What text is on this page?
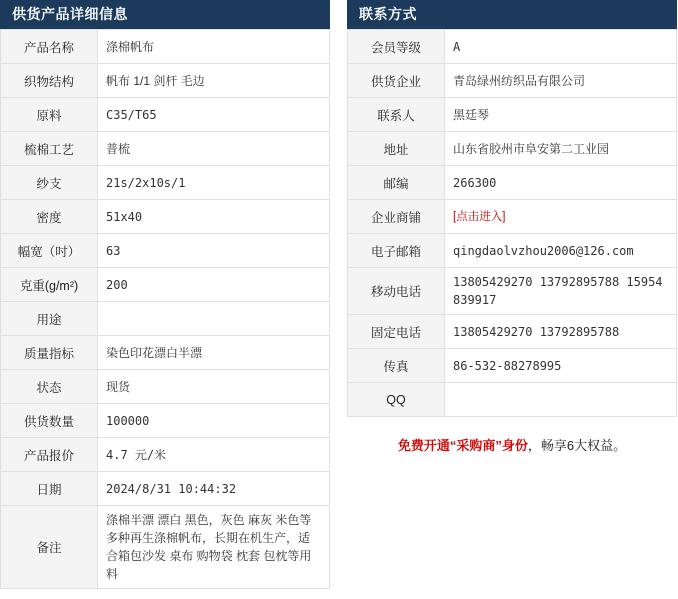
供货产品详细信息
产品名称	涤棉帆布
织物结构	帆布 1/1 剑杆 毛边
原料	C35/T65
梳棉工艺	普梳
纱支	21s/2x10s/1
密度	51x40
幅宽（吋）	63
克重(g/m²)	200
用途	
质量指标	染色印花漂白半漂
状态	现货
供货数量	100000
产品报价	4.7 元/米
日期	2024/8/31 10:44:32
备注	涤棉半漂 漂白 黑色，灰色 麻灰 米色等多种再生涤棉帆布，长期在机生产，适合箱包沙发 桌布 购物袋 枕套 包枕等用料
联系方式
会员等级	A
供货企业	青岛绿州纺织品有限公司
联系人	黑廷琴
地址	山东省胶州市阜安第二工业园
邮编	266300
企业商铺	[点击进入]
电子邮箱	qingdaolvzhou2006@126.com
移动电话	13805429270 13792895788 15954839917
固定电话	13805429270 13792895788
传真	86-532-88278995
QQ	
免费开通“采购商”身份，畅享6大权益。
